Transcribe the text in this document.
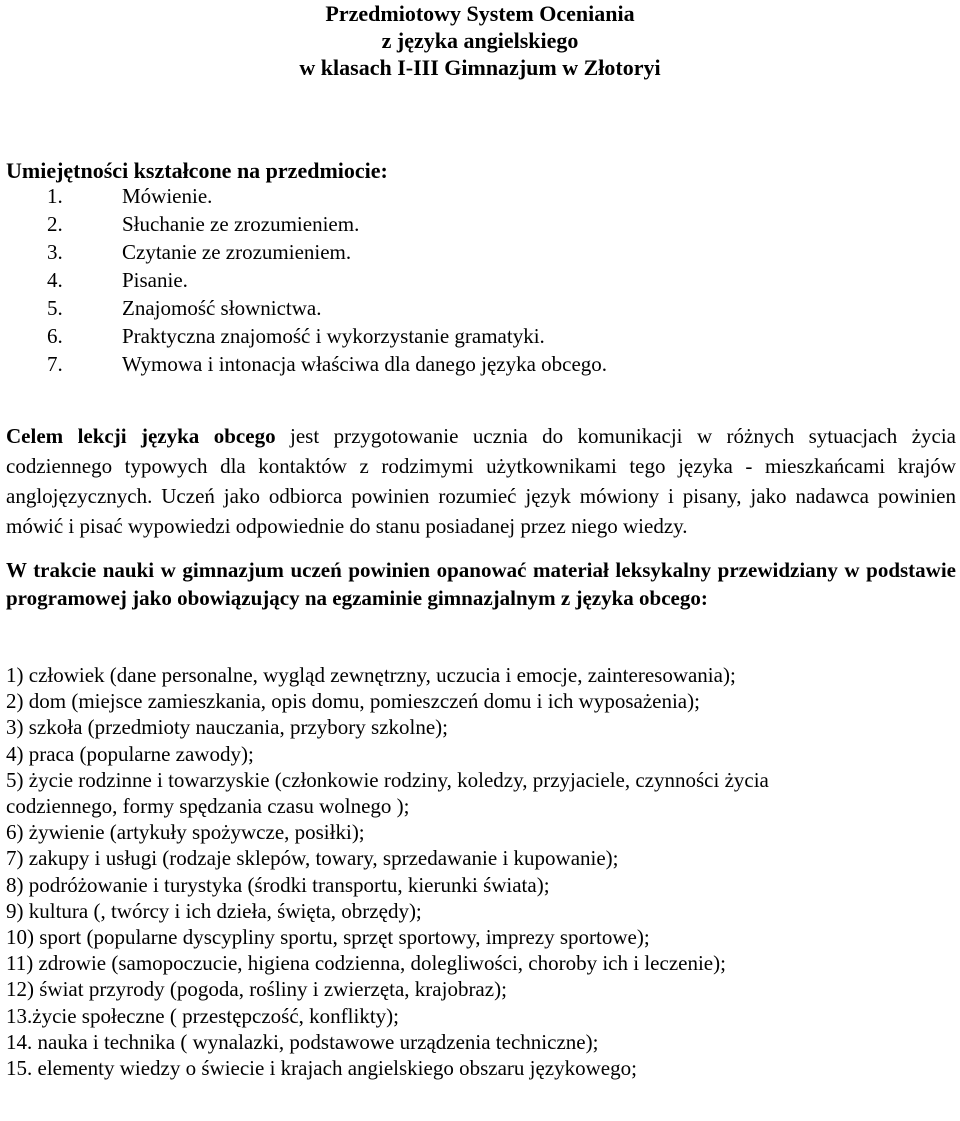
Przedmiotowy System Oceniania
z języka angielskiego
w klasach I-III Gimnazjum w Złotoryi
Umiejętności kształcone na przedmiocie:
1.	Mówienie.
2.	Słuchanie ze zrozumieniem.
3.	Czytanie ze zrozumieniem.
4.	Pisanie.
5.	Znajomość słownictwa.
6.	Praktyczna znajomość i wykorzystanie gramatyki.
7.	Wymowa i intonacja właściwa dla danego języka obcego.
Celem lekcji języka obcego jest przygotowanie ucznia do komunikacji w różnych sytuacjach życia codziennego typowych dla kontaktów z rodzimymi użytkownikami tego języka - mieszkańcami krajów anglojęzycznych. Uczeń jako odbiorca powinien rozumieć język mówiony i pisany, jako nadawca powinien mówić i pisać wypowiedzi odpowiednie do stanu posiadanej przez niego wiedzy.
W trakcie nauki w gimnazjum uczeń powinien opanować materiał leksykalny przewidziany w podstawie programowej jako obowiązujący na egzaminie gimnazjalnym z języka obcego:
1) człowiek (dane personalne, wygląd zewnętrzny, uczucia i emocje, zainteresowania);
2) dom (miejsce zamieszkania, opis domu, pomieszczeń domu i ich wyposażenia);
3) szkoła (przedmioty nauczania, przybory szkolne);
4) praca (popularne zawody);
5) życie rodzinne i towarzyskie (członkowie rodziny, koledzy, przyjaciele, czynności życia codziennego, formy spędzania czasu wolnego );
6) żywienie (artykuły spożywcze, posiłki);
7) zakupy i usługi (rodzaje sklepów, towary, sprzedawanie i kupowanie);
8) podróżowanie i turystyka (środki transportu, kierunki świata);
9) kultura (, twórcy i ich dzieła, święta, obrzędy);
10) sport (popularne dyscypliny sportu, sprzęt sportowy, imprezy sportowe);
11) zdrowie (samopoczucie, higiena codzienna, dolegliwości, choroby ich i leczenie);
12) świat przyrody (pogoda, rośliny i zwierzęta, krajobraz);
13.życie społeczne ( przestępczość, konflikty);
14. nauka i technika ( wynalazki, podstawowe urządzenia techniczne);
15. elementy wiedzy o świecie i krajach angielskiego obszaru językowego;
